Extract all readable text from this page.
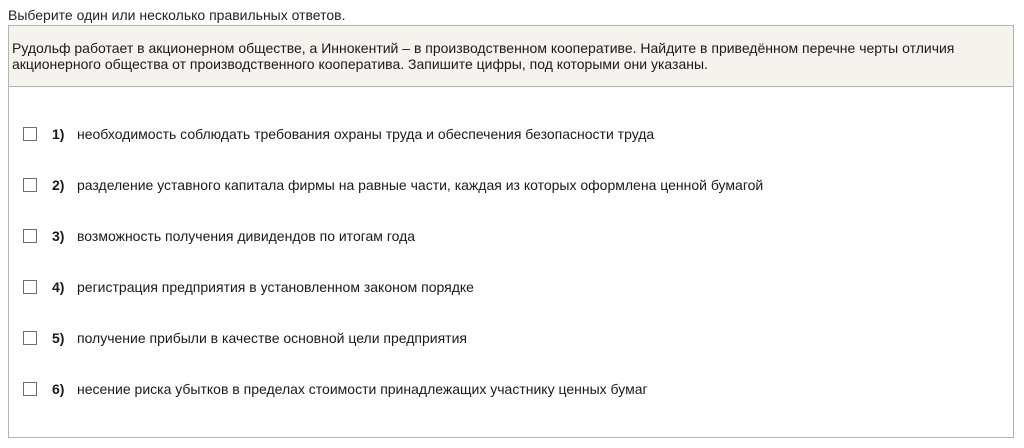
Выберите один или несколько правильных ответов.
Рудольф работает в акционерном обществе, а Иннокентий – в производственном кооперативе. Найдите в приведённом перечне черты отличия акционерного общества от производственного кооператива. Запишите цифры, под которыми они указаны.
1) необходимость соблюдать требования охраны труда и обеспечения безопасности труда
2) разделение уставного капитала фирмы на равные части, каждая из которых оформлена ценной бумагой
3) возможность получения дивидендов по итогам года
4) регистрация предприятия в установленном законом порядке
5) получение прибыли в качестве основной цели предприятия
6) несение риска убытков в пределах стоимости принадлежащих участнику ценных бумаг
